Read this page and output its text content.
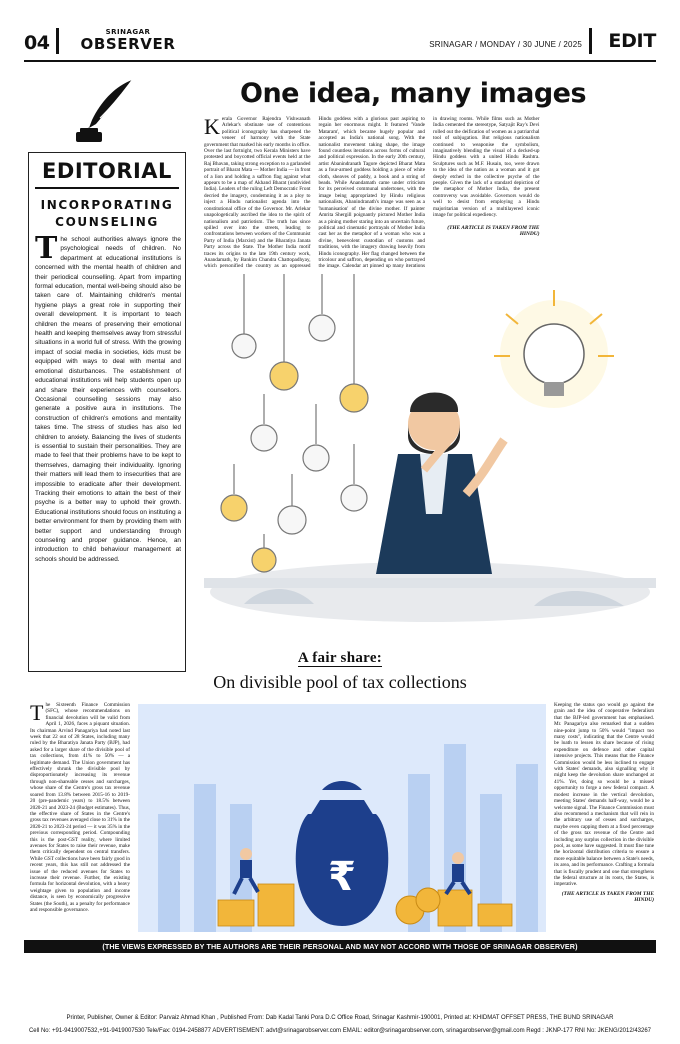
04	SRINAGAR
OBSERVER	SRINAGAR / MONDAY / 30 JUNE / 2025 EDIT
EDITORIAL
INCORPORATING
COUNSELING
The school authorities always ignore the psychological needs of children. No department at educational institutions is concerned with the mental health of children and their periodical counselling. Apart from imparting formal education, mental well-being should also be taken care of. Maintaining children's mental hygiene plays a great role in supporting their overall development. It is important to teach children the means of preserving their emotional health and keeping themselves away from stressful situations in a world full of stress. With the growing impact of social media in societies, kids must be equipped with ways to deal with mental and emotional disturbances. The establishment of educational institutions will help students open up and share their experiences with counsellors. Occasional counselling sessions may also generate a positive aura in institutions. The construction of children's emotions and mentality takes time. The stress of studies has also led children to anxiety. Balancing the lives of students is essential to sustain their personalities. They are made to feel that their problems have to be kept to themselves, damaging their individuality. Ignoring their matters will lead them to insecurities that are impossible to eradicate after their development. Tracking their emotions to attain the best of their psyche is a better way to uphold their growth. Educational institutions should focus on instituting a better environment for them by providing them with better support and understanding through counseling and proper guidance. Hence, an introduction to child behaviour management at schools should be addressed.
One idea, many images
Kerala Governor Rajendra Vishwanath Arlekar's obstinate use of contentious political iconography has sharpened the veneer of harmony with the State government that marked his early months in office. Over the last fortnight, two Kerala Ministers have protested and boycotted official events held at the Raj Bhavan, taking strong exception to a garlanded portrait of Bharat Mata — Mother India — in front of a lion and holding a saffron flag against what appears to be a map of Akhand Bharat (undivided India). Leaders of the ruling Left Democratic Front decried the imagery, condemning it as a ploy to inject a Hindu nationalist agenda into the constitutional office of the Governor. Mr. Arlekar unapologetically ascribed the idea to the spirit of nationalism and patriotism. The truth has since spilled over into the streets, leading to confrontations between workers of the Communist Party of India (Marxist) and the Bharatiya Janata Party across the State. The Mother India motif traces its origins to the late 19th century work, Anandamath, by Bankim Chandra Chattopadhyay, which personified the country as an oppressed Hindu goddess with a glorious past aspiring to regain her enormous might. It featured 'Vande Mataram', which became hugely popular and accepted as India's national song. With the nationalist movement taking shape, the image found countless iterations across forms of cultural and political expression. In the early 20th century, artist Abanindranath Tagore depicted Bharat Mata as a four-armed goddess holding a piece of white cloth, sheaves of paddy, a book and a string of beads. While Anandamath came under criticism for its perceived communal undertones, with the image being appropriated by Hindu religious nationalists, Abanindranath's image was seen as a 'humanisation' of the divine mother. If painter Amrita Shergill poignantly pictured Mother India as a pining mother staring into an uncertain future, political and cinematic portrayals of Mother India cast her as the metaphor of a woman who was a divine, benevolent custodian of customs and traditions, with the imagery drawing heavily from Hindu iconography. Her flag changed between the tricolour and saffron, depending on who portrayed the image. Calendar art pinned up many iterations in drawing rooms. While films such as Mother India cemented the stereotype, Satyajit Ray's Devi rolled out the deification of women as a patriarchal tool of subjugation. But religious nationalism continued to weaponise the symbolism, imaginatively blending the visual of a decked-up Hindu goddess with a united Hindu Rashtra. Sculptures such as M.F. Husain, too, were drawn to the idea of the nation as a woman and it got deeply etched in the collective psyche of the people. Given the lack of a standard depiction of the metaphor of Mother India, the present controversy was avoidable. Governors would do well to desist from employing a Hindu majoritarian version of a multilayered iconic image for political expediency.
(THE ARTICLE IS TAKEN FROM THE HINDU)
A fair share:
On divisible pool of tax collections
The Sixteenth Finance Commission (SFC), whose recommendations on financial devolution will be valid from April 1, 2026, faces a piquant situation. Its chairman Arvind Panagariya had noted last week that 22 out of 28 States, including many ruled by the Bharatiya Janata Party (BJP), had asked for a larger share of the divisible pool of tax collections, from 41% to 50% — a legitimate demand. The Union government has effectively shrunk the divisible pool by disproportionately increasing its revenue through non-shareable cesses and surcharges, whose share of the Centre's gross tax revenue soared from 13.8% between 2015-16 to 2019-20 (pre-pandemic years) to 18.5% between 2020-21 and 2023-24 (Budget estimates). Thus, the effective share of States in the Centre's gross tax revenues averaged close to 31% in the 2020-21 to 2023-24 period — it was 35% in the previous corresponding period. Compounding this is the post-GST reality, where limited avenues for States to raise their revenue, make them critically dependent on central transfers. While GST collections have been fairly good in recent years, this has still not addressed the issue of the reduced avenues for States to increase their revenue. Further, the existing formula for horizontal devolution, with a heavy weightage given to population and income distance, is seen by economically progressive States (the South), as a penalty for performance and responsible governance.
₹
Keeping the status quo would go against the grain and the idea of cooperative federalism that the BJP-led government has emphasised. Mr. Panagariya also remarked that a sudden nine-point jump to 50% would "impact too many costs", indicating that the Centre would be loath to lessen its share because of rising expenditure on defence and other capital intensive projects. This means that the Finance Commission would be less inclined to engage with States' demands, also signalling why it might keep the devolution share unchanged at 41%. Yet, doing so would be a missed opportunity to forge a new federal compact. A modest increase in the vertical devolution, meeting States' demands half-way, would be a welcome signal. The Finance Commission must also recommend a mechanism that will rein in the arbitrary use of cesses and surcharges, maybe even capping them at a fixed percentage of the gross tax revenue of the Centre and including any surplus collection in the divisible pool, as some have suggested. It must fine tune the horizontal distribution criteria to ensure a more equitable balance between a State's needs, its area, and its performance. Crafting a formula that is fiscally prudent and one that strengthens the federal structure at its roots, the States, is imperative.
(THE ARTICLE IS TAKEN FROM THE HINDU)
(THE VIEWS EXPRESSED BY THE AUTHORS ARE THEIR PERSONAL AND MAY NOT ACCORD WITH THOSE OF SRINAGAR OBSERVER)
Printer, Publisher, Owner & Editor: Parvaiz Ahmad Khan , Published From: Dab Kadal Tanki Pora D.C Office Road, Srinagar Kashmir-190001, Printed at: KHIDMAT OFFSET PRESS, THE BUND SRINAGAR
Cell No: +91-9419007532,+91-9419007530 Tele/Fax: 0194-2458877 ADVERTISEMENT: advt@srinagarobserver.com EMAIL: editor@srinagarobserver.com, srinagarobserver@gmail.com Regd : JKNP-177 RNI No: JKENG/2012/43267
